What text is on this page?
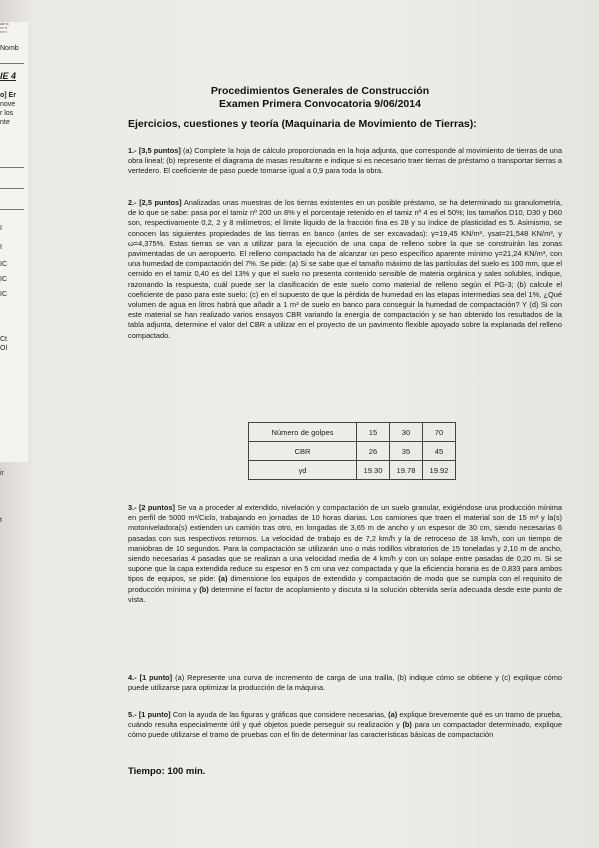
ale to
▪▪▪ ▪▪
▪▪▪▪ ▪
Nomb
IE 4
o] Er
nove
r los
nte
I
I
IC
IC
IC
Ct
Ol
ir
t
Procedimientos Generales de Construcción
Examen Primera Convocatoria 9/06/2014
Ejercicios, cuestiones y teoría (Maquinaria de Movimiento de Tierras):
1.- [3,5 puntos] (a) Complete la hoja de cálculo proporcionada en la hoja adjunta, que corresponde al movimiento de tierras de una obra lineal; (b) represente el diagrama de masas resultante e indique si es necesario traer tierras de préstamo o transportar tierras a vertedero. El coeficiente de paso puede tomarse igual a 0,9 para toda la obra.
2.- [2,5 puntos] Analizadas unas muestras de los tierras existentes en un posible préstamo, se ha determinado su granulometría, de lo que se sabe: pasa por el tamiz nº 200 un 8% y el porcentaje retenido en el tamiz nº 4 es el 50%; los tamaños D10, D30 y D60 son, respectivamente 0,2, 2 y 8 milímetros; el límite líquido de la fracción fina es 28 y su índice de plasticidad es 5. Asimismo, se conocen las siguientes propiedades de las tierras en banco (antes de ser excavadas): γ=19,45 KN/m³, γsat=21,548 KN/m³, y ω=4,375%. Estas tierras se van a utilizar para la ejecución de una capa de relleno sobre la que se construirán las zonas pavimentadas de un aeropuerto. El relleno compactado ha de alcanzar un peso específico aparente mínimo γ=21,24 KN/m³, con una humedad de compactación del 7%. Se pide: (a) Si se sabe que el tamaño máximo de las partículas del suelo es 100 mm, que el cernido en el tamiz 0,40 es del 13% y que el suelo no presenta contenido sensible de materia orgánica y sales solubles, indique, razonando la respuesta, cuál puede ser la clasificación de este suelo como material de relleno según el PG-3; (b) calcule el coeficiente de paso para este suelo; (c) en el supuesto de que la pérdida de humedad en las etapas intermedias sea del 1%, ¿Qué volumen de agua en litros habrá que añadir a 1 m³ de suelo en banco para conseguir la humedad de compactación? Y (d) Si con este material se han realizado varios ensayos CBR variando la energía de compactación y se han obtenido los resultados de la tabla adjunta, determine el valor del CBR a utilizar en el proyecto de un pavimento flexible apoyado sobre la explanada del relleno compactado.
Número de golpes	15	30	70
CBR	26	35	45
γd	19.30	19.78	19.92
3.- [2 puntos] Se va a proceder al extendido, nivelación y compactación de un suelo granular, exigiéndose una producción mínima en perfil de 5000 m³/Ciclo, trabajando en jornadas de 10 horas diarias. Los camiones que traen el material son de 15 m³ y la(s) motoniveladora(s) extienden un camión tras otro, en longadas de 3,65 m de ancho y un espesor de 30 cm, siendo necesarias 6 pasadas con sus respectivos retornos. La velocidad de trabajo es de 7,2 km/h y la de retroceso de 18 km/h, con un tiempo de maniobras de 10 segundos. Para la compactación se utilizarán uno o más rodillos vibratorios de 15 toneladas y 2,10 m de ancho, siendo necesarias 4 pasadas que se realizan a una velocidad media de 4 km/h y con un solape entre pasadas de 0,20 m. Si se supone que la capa extendida reduce su espesor en 5 cm una vez compactada y que la eficiencia horaria es de 0,833 para ambos tipos de equipos, se pide: (a) dimensione los equipos de extendido y compactación de modo que se cumpla con el requisito de producción mínima y (b) determine el factor de acoplamiento y discuta si la solución obtenida sería adecuada desde este punto de vista.
4.- [1 punto] (a) Represente una curva de incremento de carga de una trailla, (b) indique cómo se obtiene y (c) explique cómo puede utilizarse para optimizar la producción de la máquina.
5.- [1 punto] Con la ayuda de las figuras y gráficas que considere necesarias, (a) explique brevemente qué es un tramo de prueba, cuándo resulta especialmente útil y qué objetos puede perseguir su realización y (b) para un compactador determinado, explique cómo puede utilizarse el tramo de pruebas con el fin de determinar las características básicas de compactación
Tiempo: 100 min.
